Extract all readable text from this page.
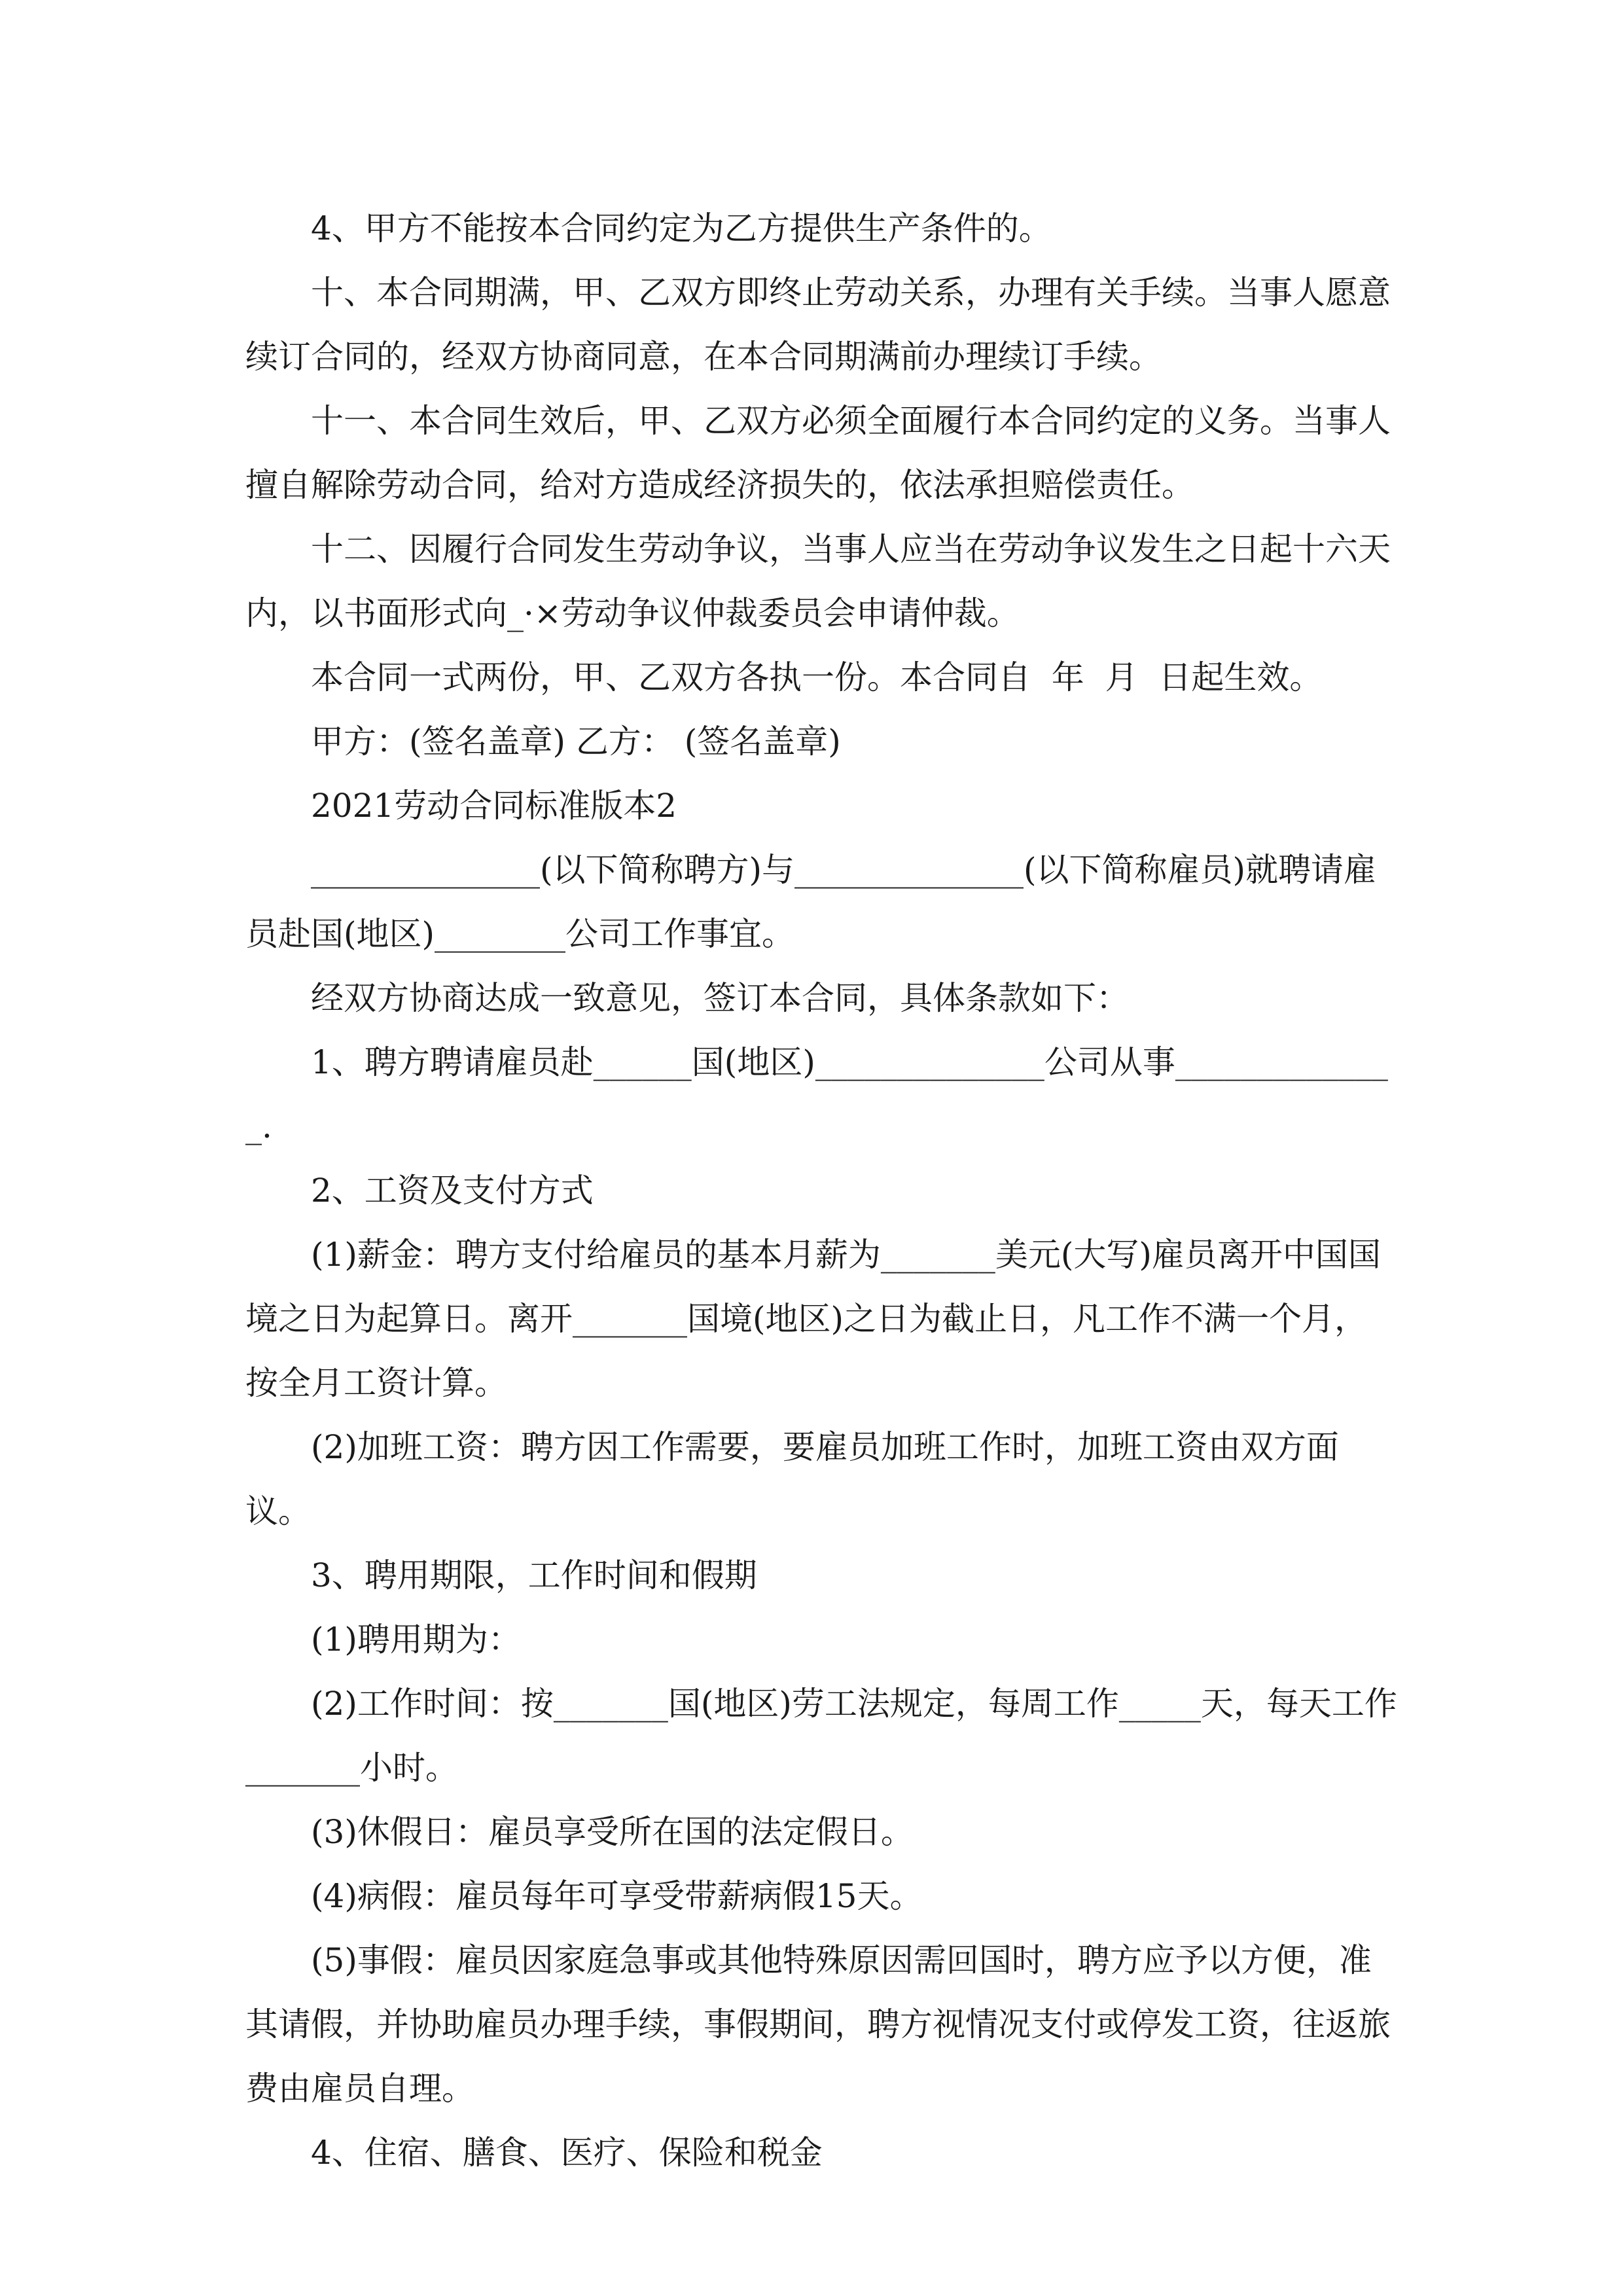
4、甲方不能按本合同约定为乙方提供生产条件的。

十、本合同期满，甲、乙双方即终止劳动关系，办理有关手续。当事人愿意续订合同的，经双方协商同意，在本合同期满前办理续订手续。

十一、本合同生效后，甲、乙双方必须全面履行本合同约定的义务。当事人擅自解除劳动合同，给对方造成经济损失的，依法承担赔偿责任。

十二、因履行合同发生劳动争议，当事人应当在劳动争议发生之日起十六天内，以书面形式向_·×劳动争议仲裁委员会申请仲裁。

本合同一式两份，甲、乙双方各执一份。本合同自  年  月  日起生效。

甲方：(签名盖章) 乙方： (签名盖章)

2021劳动合同标准版本2

______________(以下简称聘方)与______________(以下简称雇员)就聘请雇员赴国(地区)________公司工作事宜。

经双方协商达成一致意见，签订本合同，具体条款如下：

1、聘方聘请雇员赴______国(地区)______________公司从事______________.

2、工资及支付方式

(1)薪金：聘方支付给雇员的基本月薪为_______美元(大写)雇员离开中国国境之日为起算日。离开_______国境(地区)之日为截止日，凡工作不满一个月，按全月工资计算。

(2)加班工资：聘方因工作需要，要雇员加班工作时，加班工资由双方面议。

3、聘用期限，工作时间和假期

(1)聘用期为：

(2)工作时间：按_______国(地区)劳工法规定，每周工作_____天，每天工作_______小时。

(3)休假日：雇员享受所在国的法定假日。

(4)病假：雇员每年可享受带薪病假15天。

(5)事假：雇员因家庭急事或其他特殊原因需回国时，聘方应予以方便，准其请假，并协助雇员办理手续，事假期间，聘方视情况支付或停发工资，往返旅费由雇员自理。

4、住宿、膳食、医疗、保险和税金
